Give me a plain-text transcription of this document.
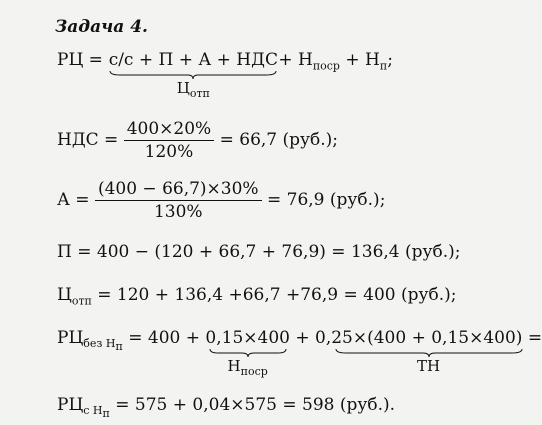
Задача 4.
РЦ = с/с + П + А + НДС
$Ц_{отп}$
+ $Н_{поср} + Н_п$;
НДС = $\frac{400\times 20\%}{120\%} = 66,7$ (руб.);
$А = \frac{(400 - 66,7)\times 30\%}{130\%} = 76,9$ (руб.);
П = 400 − (120 + 66,7 + 76,9) = 136,4 (руб.);
$Ц_{отп} = 120 + 136,4 +66,7 +76,9 = 400$ (руб.);
$РЦ_{без Н_п} = 400 + 0,15\times 400$
$Н_{поср}$
+ 0,25×(400 + 0,15×400) =
ТН
$РЦ_{с Н_п} = 575 + 0,04\times 575 = 598$ (руб.).
